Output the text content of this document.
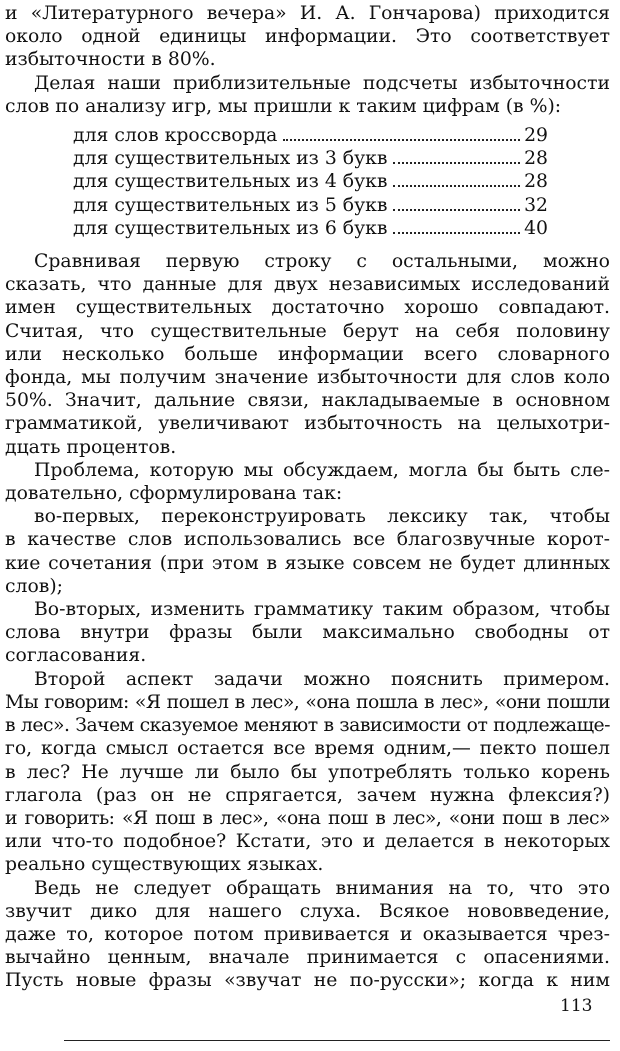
и «Литературного вечера» И. А. Гончарова) приходится
около одной единицы информации. Это соответствует
избыточности в 80%.
Делая наши приблизительные подсчеты избыточности
слов по анализу игр, мы пришли к таким цифрам (в %):
для слов кроссворда	29
для существительных из 3 букв	28
для существительных из 4 букв	28
для существительных из 5 букв	32
для существительных из 6 букв	40
Сравнивая первую строку с остальными, можно
сказать, что данные для двух независимых исследований
имен существительных достаточно хорошо совпадают.
Считая, что существительные берут на себя половину
или несколько больше информации всего словарного
фонда, мы получим значение избыточности для слов коло
50%. Значит, дальние связи, накладываемые в основном
грамматикой, увеличивают избыточность на целыхотри-
дцать процентов.
Проблема, которую мы обсуждаем, могла бы быть сле-
довательно, сформулирована так:
во-первых, переконструировать лексику так, чтобы
в качестве слов использовались все благозвучные корот-
кие сочетания (при этом в языке совсем не будет длинных
слов);
Во-вторых, изменить грамматику таким образом, чтобы
слова внутри фразы были максимально свободны от
согласования.
Второй аспект задачи можно пояснить примером.
Мы говорим: «Я пошел в лес», «она пошла в лес», «они пошли
в лес». Зачем сказуемое меняют в зависимости от подлежаще-
го, когда смысл остается все время одним,— пекто пошел
в лес? Не лучше ли было бы употреблять только корень
глагола (раз он не спрягается, зачем нужна флексия?)
и говорить: «Я пош в лес», «она пош в лес», «они пош в лес»
или что-то подобное? Кстати, это и делается в некоторых
реально существующих языках.
Ведь не следует обращать внимания на то, что это
звучит дико для нашего слуха. Всякое нововведение,
даже то, которое потом прививается и оказывается чрез-
вычайно ценным, вначале принимается с опасениями.
Пусть новые фразы «звучат не по-русски»; когда к ним
113
